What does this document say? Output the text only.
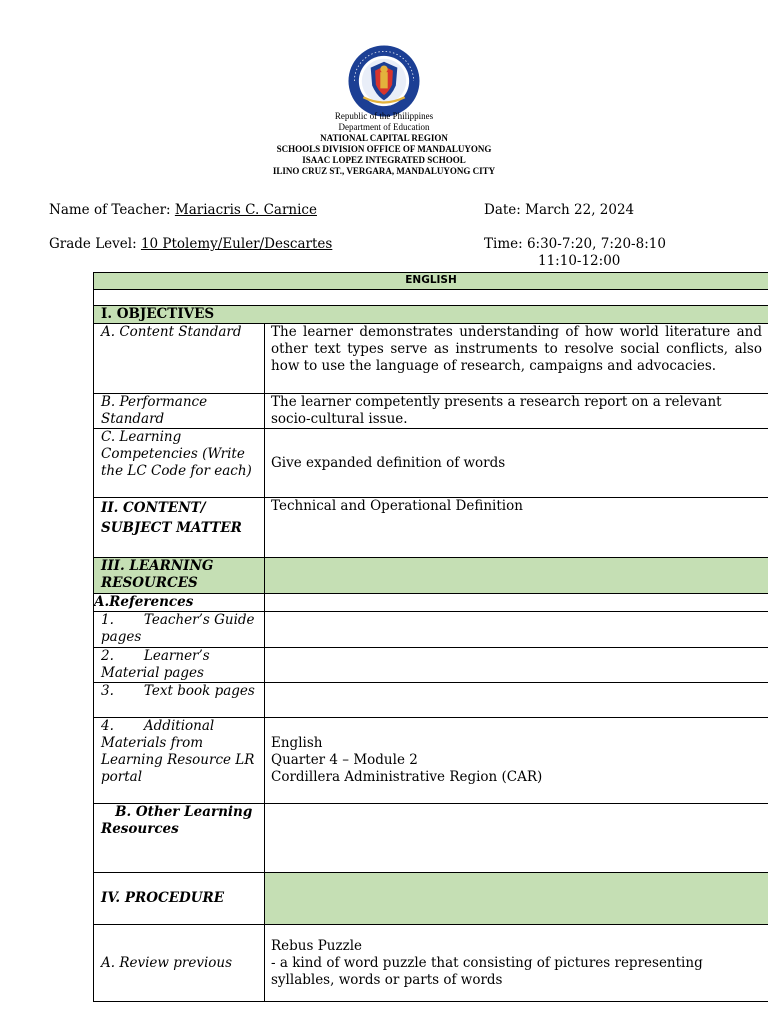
Republic of the Philippines
Department of Education
NATIONAL CAPITAL REGION
SCHOOLS DIVISION OFFICE OF MANDALUYONG
ISAAC LOPEZ INTEGRATED SCHOOL
ILINO CRUZ ST., VERGARA, MANDALUYONG CITY
Name of Teacher: Mariacris C. Carnice	Date: March 22, 2024
Grade Level: 10 Ptolemy/Euler/Descartes	Time: 6:30-7:20, 7:20-8:10
11:10-12:00
ENGLISH	

I. OBJECTIVES	
A. Content Standard	The learner demonstrates understanding of how world literature and other text types serve as instruments to resolve social conflicts, also how to use the language of research, campaigns and advocacies.
B. Performance Standard	The learner competently presents a research report on a relevant socio-cultural issue.
C. Learning Competencies (Write the LC Code for each)	Give expanded definition of words
II. CONTENT/ SUBJECT MATTER	Technical and Operational Definition
III. LEARNING RESOURCES	
A.References	
1.       Teacher’s Guide pages	
2.       Learner’s Material pages	
3.       Text book pages	
4.       Additional Materials from Learning Resource LR portal	English
Quarter 4 – Module 2
Cordillera Administrative Region (CAR)

B. Other Learning Resources	
IV. PROCEDURE	
A. Review previous	Rebus Puzzle
- a kind of word puzzle that consisting of pictures representing syllables, words or parts of words
